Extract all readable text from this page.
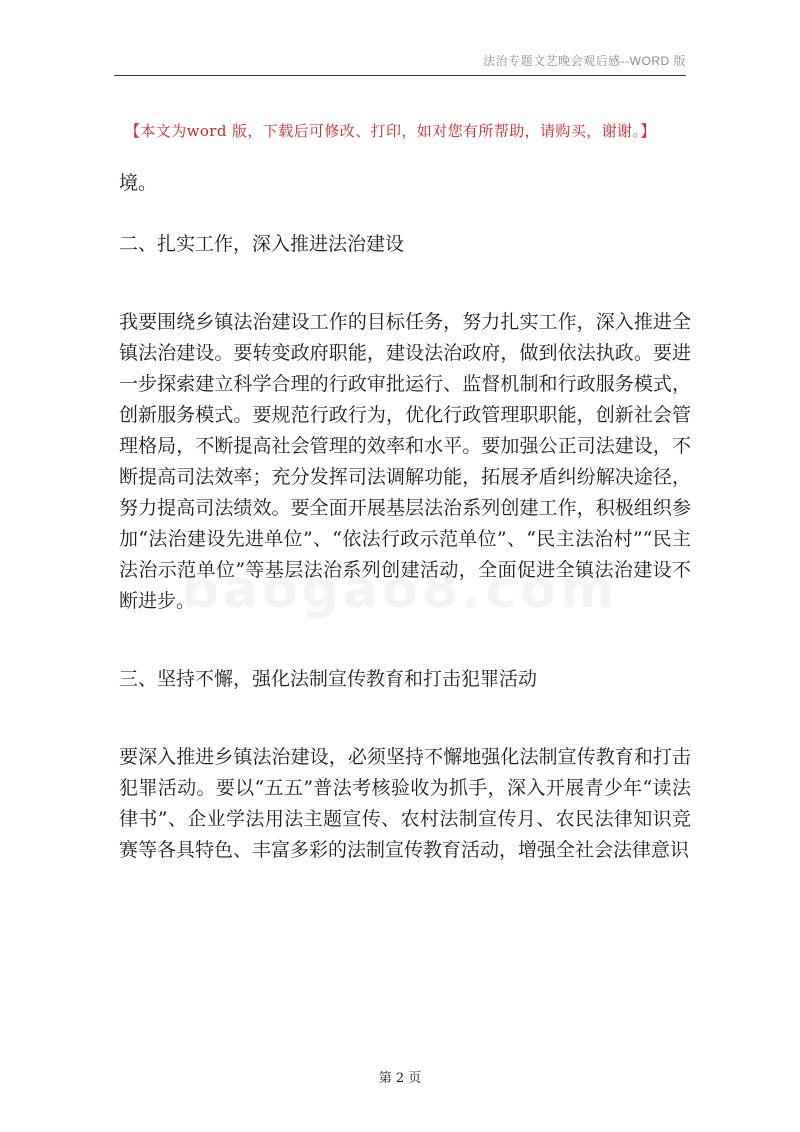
法治专题文艺晚会观后感--WORD 版
【本文为word 版，下载后可修改、打印，如对您有所帮助，请购买，谢谢。】

境。

二、扎实工作，深入推进法治建设

我要围绕乡镇法治建设工作的目标任务，努力扎实工作，深入推进全镇法治建设。要转变政府职能，建设法治政府，做到依法执政。要进一步探索建立科学合理的行政审批运行、监督机制和行政服务模式，创新服务模式。要规范行政行为，优化行政管理职职能，创新社会管理格局，不断提高社会管理的效率和水平。要加强公正司法建设，不断提高司法效率；充分发挥司法调解功能，拓展矛盾纠纷解决途径，努力提高司法绩效。要全面开展基层法治系列创建工作，积极组织参加“法治建设先进单位”、“依法行政示范单位”、“民主法治村”“民主法治示范单位”等基层法治系列创建活动，全面促进全镇法治建设不断进步。

三、坚持不懈，强化法制宣传教育和打击犯罪活动

要深入推进乡镇法治建设，必须坚持不懈地强化法制宣传教育和打击犯罪活动。要以“五五”普法考核验收为抓手，深入开展青少年“读法律书”、企业学法用法主题宣传、农村法制宣传月、农民法律知识竞赛等各具特色、丰富多彩的法制宣传教育活动，增强全社会法律意识

第 2 页
